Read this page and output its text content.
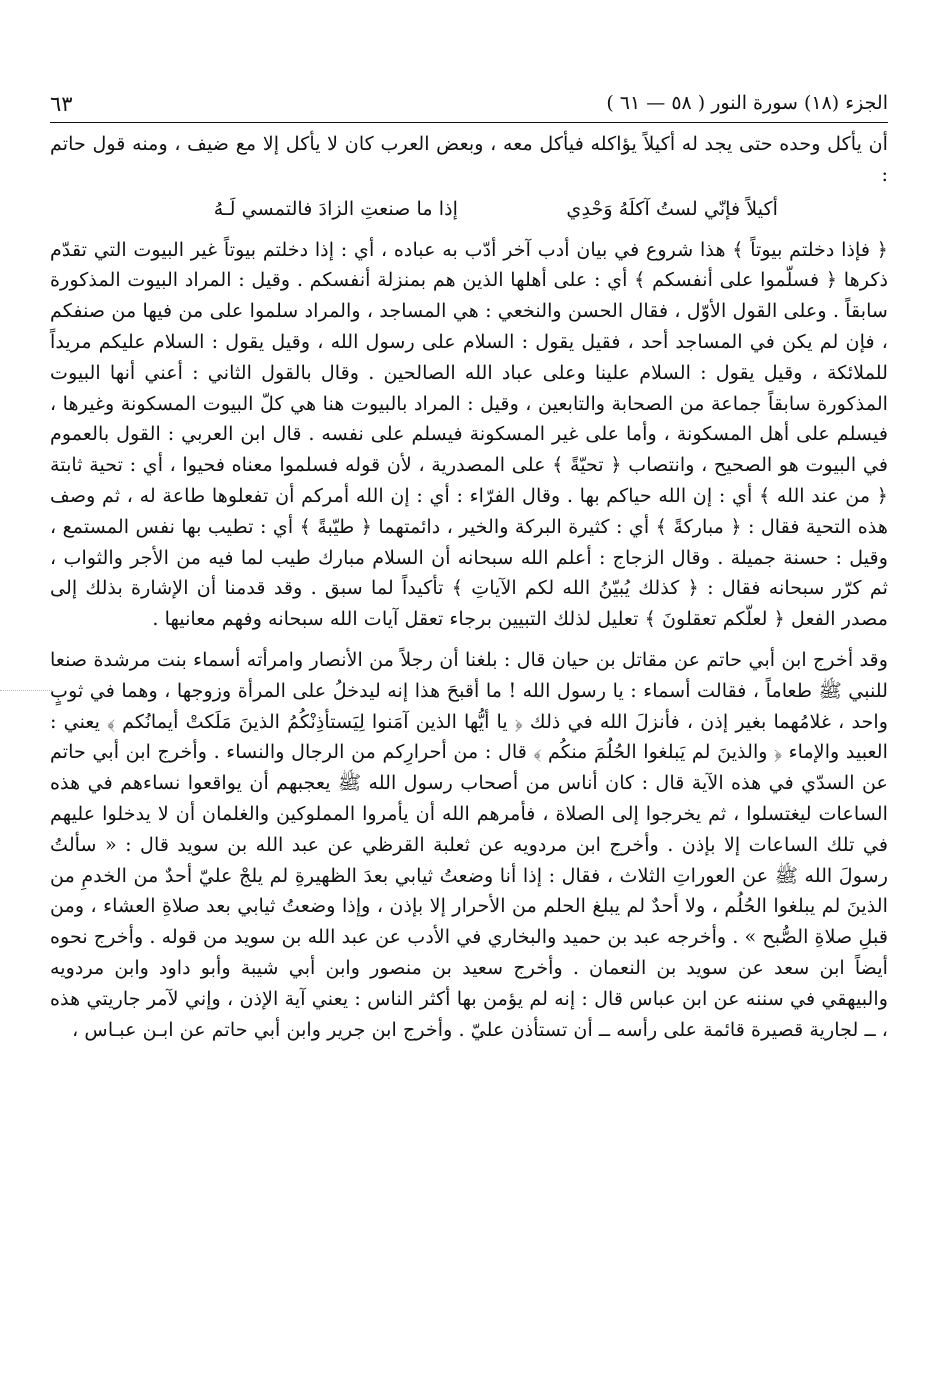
الجزء (١٨) سورة النور ( ٥٨ — ٦١ )
٦٣

أن يأكل وحده حتى يجد له أكيلاً يؤاكله فيأكل معه ، وبعض العرب كان لا يأكل إلا مع ضيف ، ومنه قول حاتم :

إذا ما صنعتِ الزادَ فالتمسي لَـهُ	أكيلاً فإنّي لستُ آكلَهُ وَحْدِي

﴿ فإذا دخلتم بيوتاً ﴾ هذا شروع في بيان أدب آخر أدّب به عباده ، أي : إذا دخلتم بيوتاً غير البيوت التي تقدّم ذكرها ﴿ فسلّموا على أنفسكم ﴾ أي : على أهلها الذين هم بمنزلة أنفسكم . وقيل : المراد البيوت المذكورة سابقاً . وعلى القول الأوّل ، فقال الحسن والنخعي : هي المساجد ، والمراد سلموا على من فيها من صنفكم ، فإن لم يكن في المساجد أحد ، فقيل يقول : السلام على رسول الله ، وقيل يقول : السلام عليكم مريداً للملائكة ، وقيل يقول : السلام علينا وعلى عباد الله الصالحين . وقال بالقول الثاني : أعني أنها البيوت المذكورة سابقاً جماعة من الصحابة والتابعين ، وقيل : المراد بالبيوت هنا هي كلّ البيوت المسكونة وغيرها ، فيسلم على أهل المسكونة ، وأما على غير المسكونة فيسلم على نفسه . قال ابن العربي : القول بالعموم في البيوت هو الصحيح ، وانتصاب ﴿ تحيّةً ﴾ على المصدرية ، لأن قوله فسلموا معناه فحيوا ، أي : تحية ثابتة ﴿ من عند الله ﴾ أي : إن الله حياكم بها . وقال الفرّاء : أي : إن الله أمركم أن تفعلوها طاعة له ، ثم وصف هذه التحية فقال : ﴿ مباركةً ﴾ أي : كثيرة البركة والخير ، دائمتهما ﴿ طيّبةً ﴾ أي : تطيب بها نفس المستمع ، وقيل : حسنة جميلة . وقال الزجاج : أعلم الله سبحانه أن السلام مبارك طيب لما فيه من الأجر والثواب ، ثم كرّر سبحانه فقال : ﴿ كذلك يُبيّنُ الله لكم الآياتِ ﴾ تأكيداً لما سبق . وقد قدمنا أن الإشارة بذلك إلى مصدر الفعل ﴿ لعلّكم تعقلونَ ﴾ تعليل لذلك التبيين برجاء تعقل آيات الله سبحانه وفهم معانيها .

وقد أخرج ابن أبي حاتم عن مقاتل بن حيان قال : بلغنا أن رجلاً من الأنصار وامرأته أسماء بنت مرشدة صنعا للنبي ﷺ طعاماً ، فقالت أسماء : يا رسول الله ! ما أقبحَ هذا إنه ليدخلُ على المرأة وزوجها ، وهما في ثوبٍ واحد ، غلامُهما بغير إذن ، فأنزلَ الله في ذلك ﴿ يا أيُّها الذين آمَنوا لِيَستأذِنْكُمُ الذينَ مَلَكتْ أيمانُكم ﴾ يعني : العبيد والإماء ﴿ والذينَ لم يَبلغوا الحُلُمَ منكُم ﴾ قال : من أحرارِكم من الرجال والنساء . وأخرج ابن أبي حاتم عن السدّي في هذه الآية قال : كان أناس من أصحاب رسول الله ﷺ يعجبهم أن يواقعوا نساءهم في هذه الساعات ليغتسلوا ، ثم يخرجوا إلى الصلاة ، فأمرهم الله أن يأمروا المملوكين والغلمان أن لا يدخلوا عليهم في تلك الساعات إلا بإذن . وأخرج ابن مردويه عن ثعلبة القرظي عن عبد الله بن سويد قال : « سألتُ رسولَ الله ﷺ عن العوراتِ الثلاث ، فقال : إذا أنا وضعتُ ثيابي بعدَ الظهيرةِ لم يلجْ عليّ أحدٌ من الخدمِ من الذينَ لم يبلغوا الحُلُم ، ولا أحدٌ لم يبلغ الحلم من الأحرار إلا بإذن ، وإذا وضعتُ ثيابي بعد صلاةِ العشاء ، ومن قبلِ صلاةِ الصُّبح » . وأخرجه عبد بن حميد والبخاري في الأدب عن عبد الله بن سويد من قوله . وأخرج نحوه أيضاً ابن سعد عن سويد بن النعمان . وأخرج سعيد بن منصور وابن أبي شيبة وأبو داود وابن مردويه والبيهقي في سننه عن ابن عباس قال : إنه لم يؤمن بها أكثر الناس : يعني آية الإذن ، وإني لآمر جاريتي هذه ، ــ لجارية قصيرة قائمة على رأسه ــ أن تستأذن عليّ . وأخرج ابن جرير وابن أبي حاتم عن ابـن عبـاس ،
